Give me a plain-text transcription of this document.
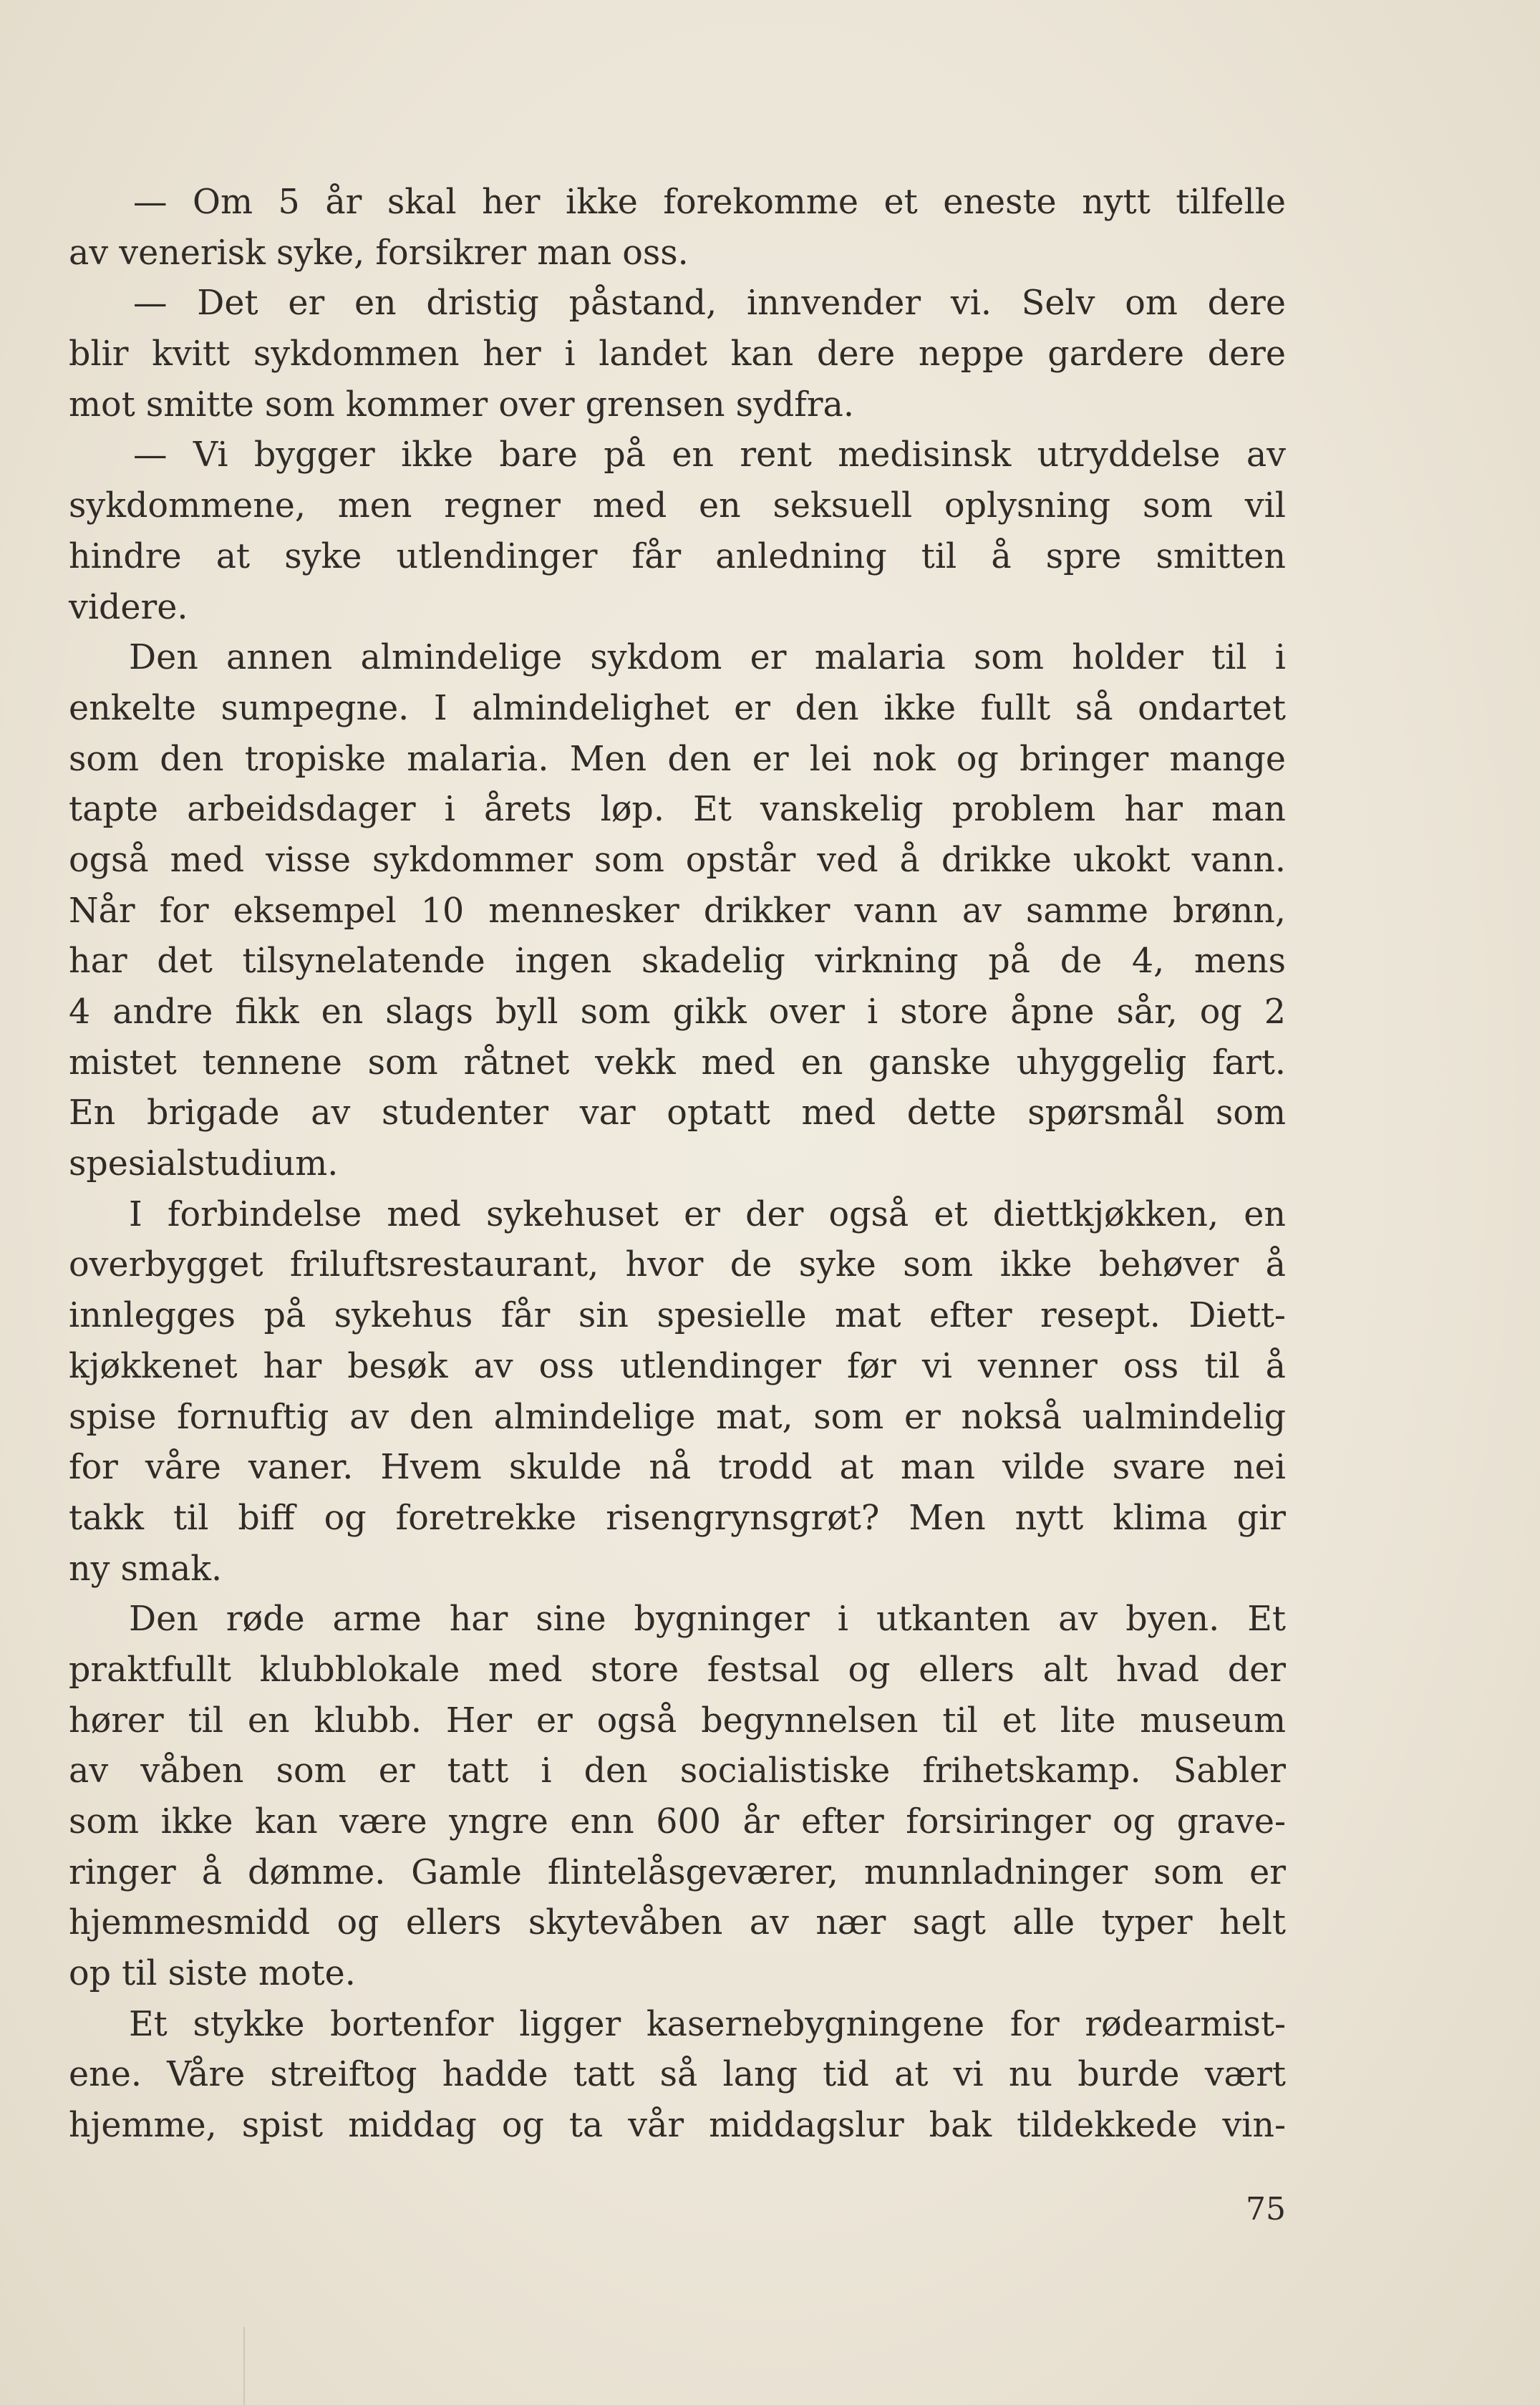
— Om 5 år skal her ikke forekomme et eneste nytt tilfelle
av venerisk syke, forsikrer man oss.
— Det er en dristig påstand, innvender vi. Selv om dere
blir kvitt sykdommen her i landet kan dere neppe gardere dere
mot smitte som kommer over grensen sydfra.
— Vi bygger ikke bare på en rent medisinsk utryddelse av
sykdommene, men regner med en seksuell oplysning som vil
hindre at syke utlendinger får anledning til å spre smitten
videre.
Den annen almindelige sykdom er malaria som holder til i
enkelte sumpegne. I almindelighet er den ikke fullt så ondartet
som den tropiske malaria. Men den er lei nok og bringer mange
tapte arbeidsdager i årets løp. Et vanskelig problem har man
også med visse sykdommer som opstår ved å drikke ukokt vann.
Når for eksempel 10 mennesker drikker vann av samme brønn,
har det tilsynelatende ingen skadelig virkning på de 4, mens
4 andre fikk en slags byll som gikk over i store åpne sår, og 2
mistet tennene som råtnet vekk med en ganske uhyggelig fart.
En brigade av studenter var optatt med dette spørsmål som
spesialstudium.
I forbindelse med sykehuset er der også et diettkjøkken, en
overbygget friluftsrestaurant, hvor de syke som ikke behøver å
innlegges på sykehus får sin spesielle mat efter resept. Diett-
kjøkkenet har besøk av oss utlendinger før vi venner oss til å
spise fornuftig av den almindelige mat, som er nokså ualmindelig
for våre vaner. Hvem skulde nå trodd at man vilde svare nei
takk til biff og foretrekke risengrynsgrøt? Men nytt klima gir
ny smak.
Den røde arme har sine bygninger i utkanten av byen. Et
praktfullt klubblokale med store festsal og ellers alt hvad der
hører til en klubb. Her er også begynnelsen til et lite museum
av våben som er tatt i den socialistiske frihetskamp. Sabler
som ikke kan være yngre enn 600 år efter forsiringer og grave-
ringer å dømme. Gamle flintelåsgeværer, munnladninger som er
hjemmesmidd og ellers skytevåben av nær sagt alle typer helt
op til siste mote.
Et stykke bortenfor ligger kasernebygningene for rødearmist-
ene. Våre streiftog hadde tatt så lang tid at vi nu burde vært
hjemme, spist middag og ta vår middagslur bak tildekkede vin-
75
